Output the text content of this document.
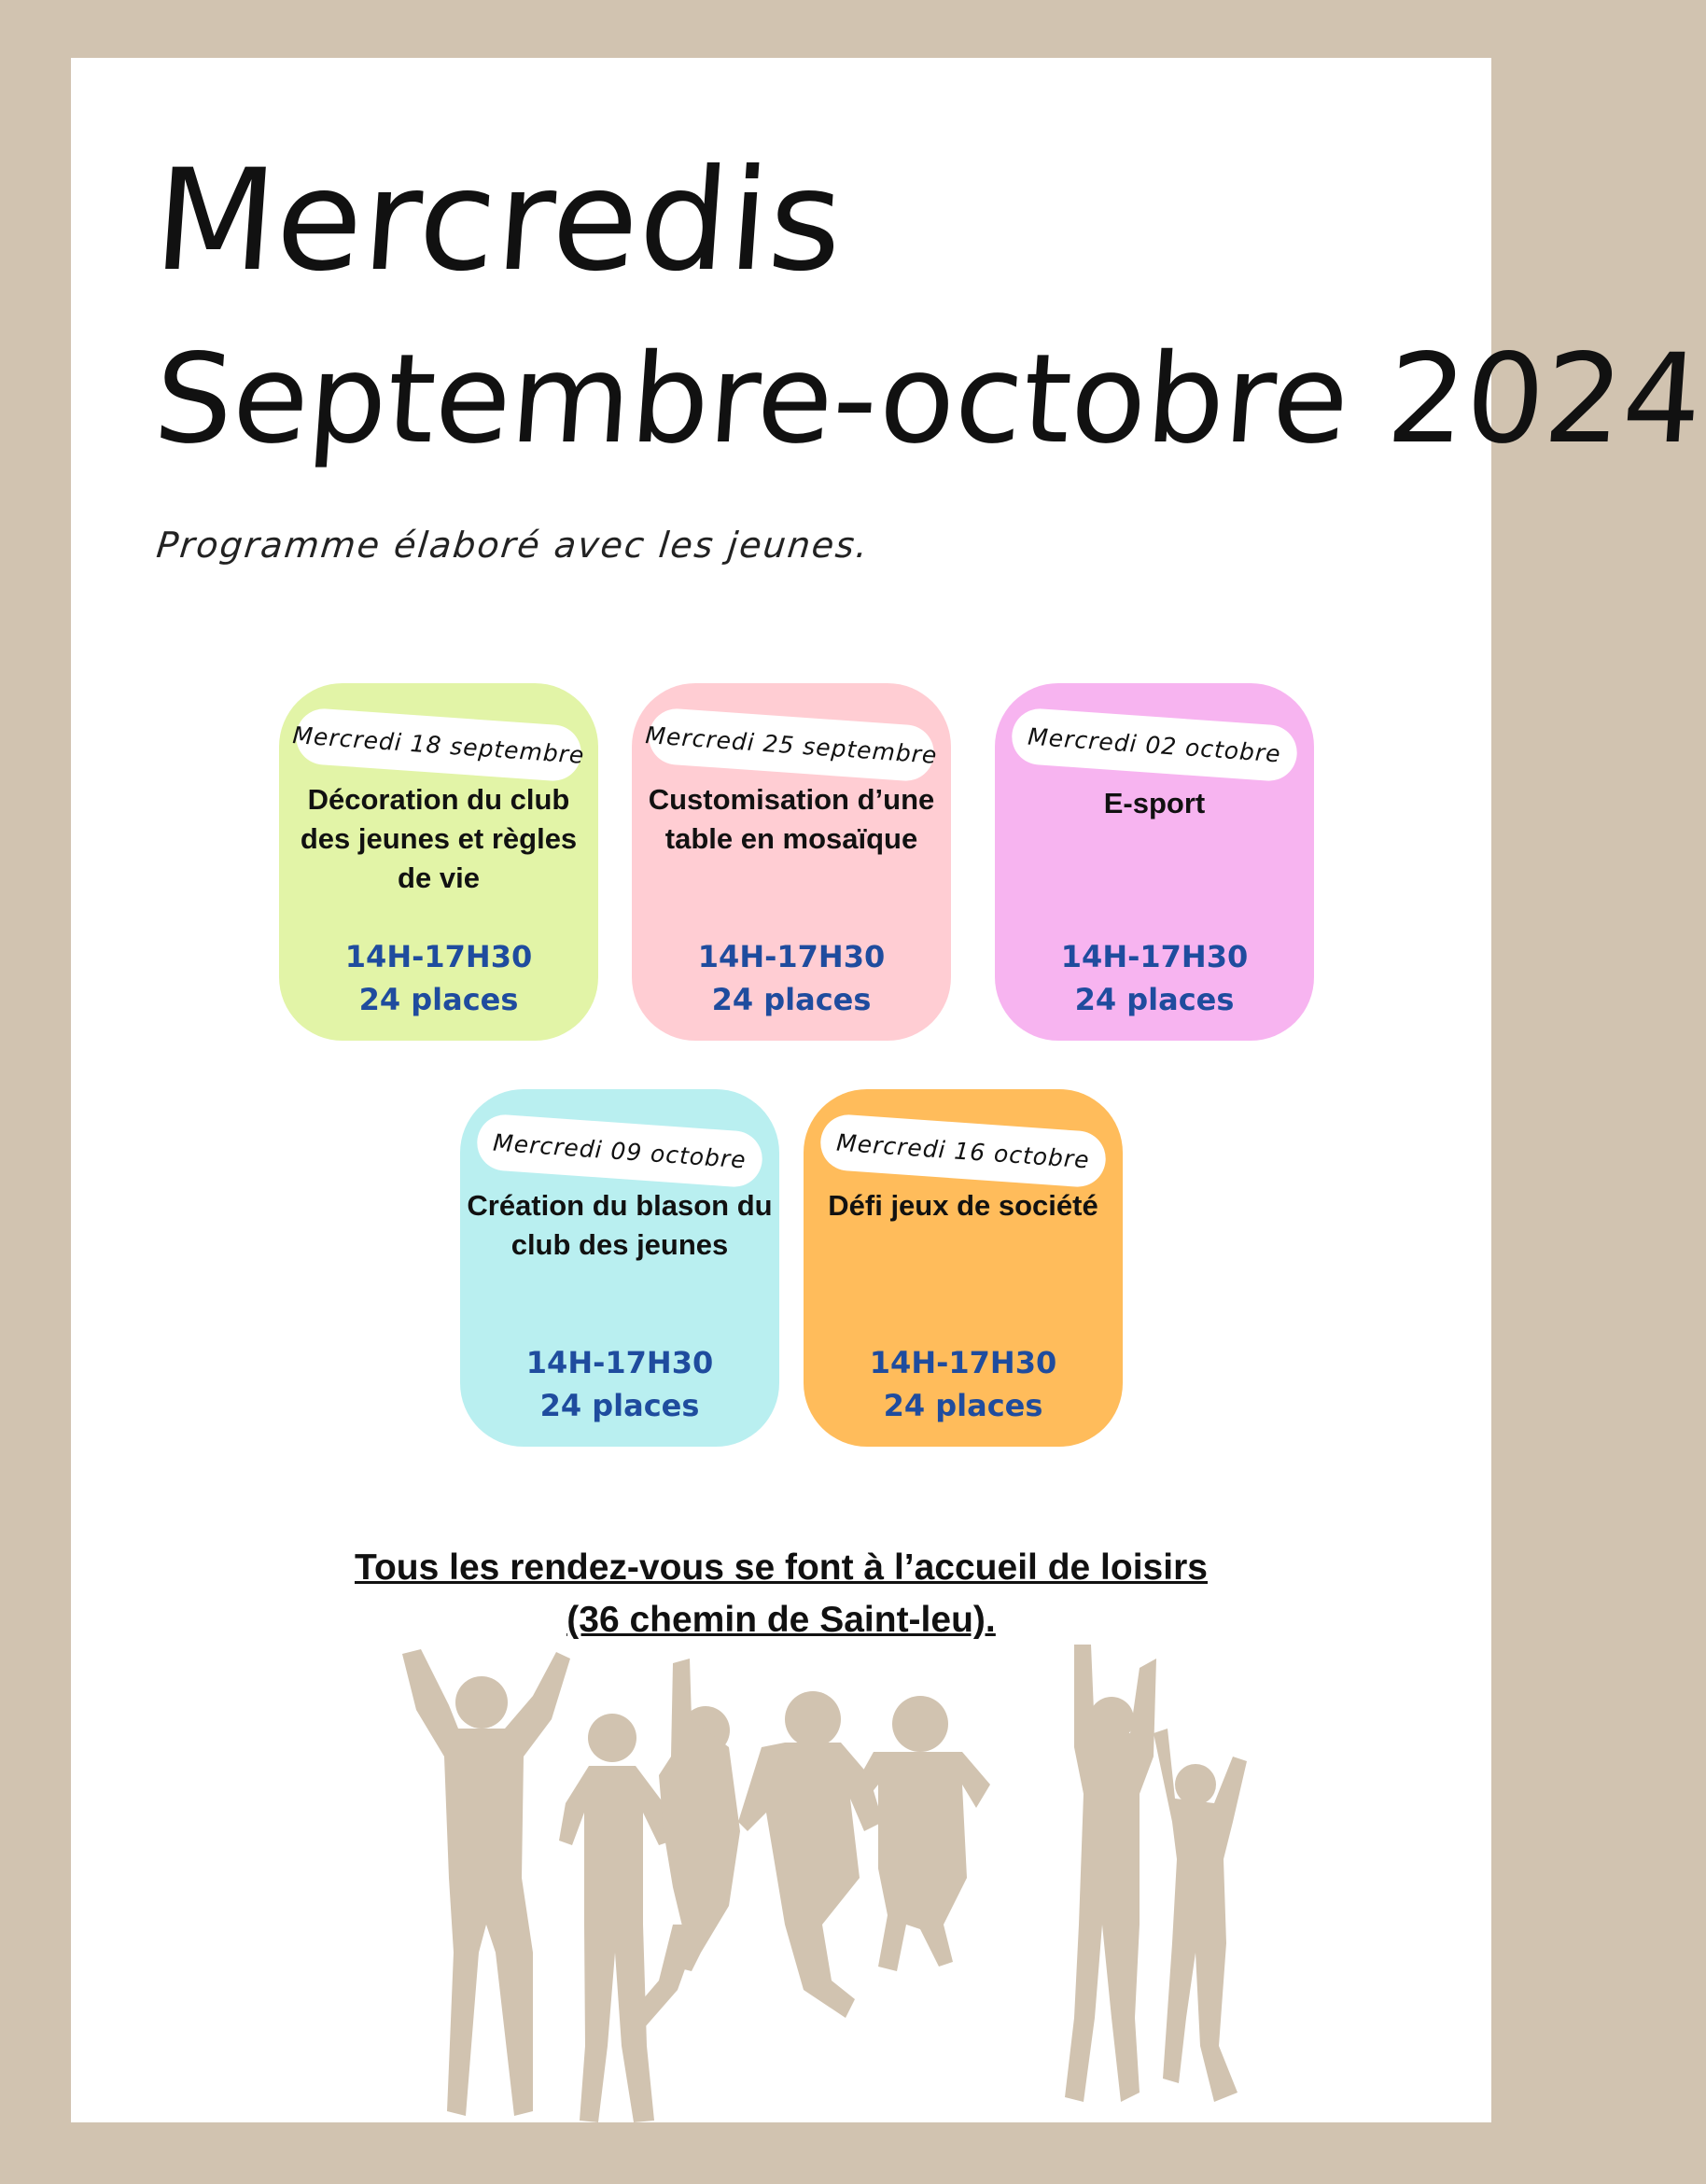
Mercredis
Septembre-octobre 2024
Programme élaboré avec les jeunes.
Mercredi 18 septembre
Décoration du club des jeunes et règles de vie
14H-17H30
24 places
Mercredi 25 septembre
Customisation d’une table en mosaïque
14H-17H30
24 places
Mercredi 02 octobre
E-sport
14H-17H30
24 places
Mercredi 09 octobre
Création du blason du club des jeunes
14H-17H30
24 places
Mercredi 16 octobre
Défi jeux de société
14H-17H30
24 places
Tous les rendez-vous se font à l’accueil de loisirs
(36 chemin de Saint-leu).
